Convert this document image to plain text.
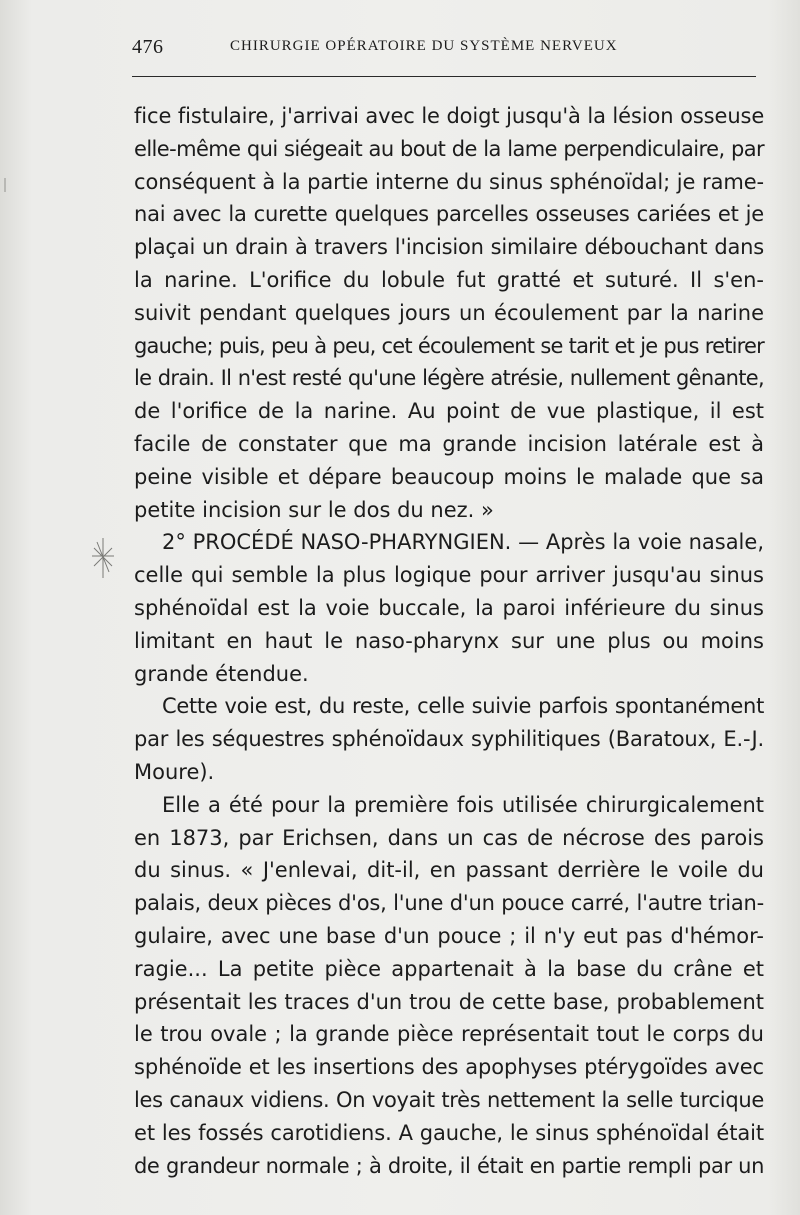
476	CHIRURGIE OPÉRATOIRE DU SYSTÈME NERVEUX
fice fistulaire, j'arrivai avec le doigt jusqu'à la lésion osseuse
elle-même qui siégeait au bout de la lame perpendiculaire, par
conséquent à la partie interne du sinus sphénoïdal; je rame-
nai avec la curette quelques parcelles osseuses cariées et je
plaçai un drain à travers l'incision similaire débouchant dans
la narine. L'orifice du lobule fut gratté et suturé. Il s'en-
suivit pendant quelques jours un écoulement par la narine
gauche; puis, peu à peu, cet écoulement se tarit et je pus retirer
le drain. Il n'est resté qu'une légère atrésie, nullement gênante,
de l'orifice de la narine. Au point de vue plastique, il est
facile de constater que ma grande incision latérale est à
peine visible et dépare beaucoup moins le malade que sa
petite incision sur le dos du nez. »
2° PROCÉDÉ NASO-PHARYNGIEN. — Après la voie nasale,
celle qui semble la plus logique pour arriver jusqu'au sinus
sphénoïdal est la voie buccale, la paroi inférieure du sinus
limitant en haut le naso-pharynx sur une plus ou moins
grande étendue.
Cette voie est, du reste, celle suivie parfois spontanément
par les séquestres sphénoïdaux syphilitiques (Baratoux, E.-J.
Moure).
Elle a été pour la première fois utilisée chirurgicalement
en 1873, par Erichsen, dans un cas de nécrose des parois
du sinus. « J'enlevai, dit-il, en passant derrière le voile du
palais, deux pièces d'os, l'une d'un pouce carré, l'autre trian-
gulaire, avec une base d'un pouce ; il n'y eut pas d'hémor-
ragie... La petite pièce appartenait à la base du crâne et
présentait les traces d'un trou de cette base, probablement
le trou ovale ; la grande pièce représentait tout le corps du
sphénoïde et les insertions des apophyses ptérygoïdes avec
les canaux vidiens. On voyait très nettement la selle turcique
et les fossés carotidiens. A gauche, le sinus sphénoïdal était
de grandeur normale ; à droite, il était en partie rempli par un
